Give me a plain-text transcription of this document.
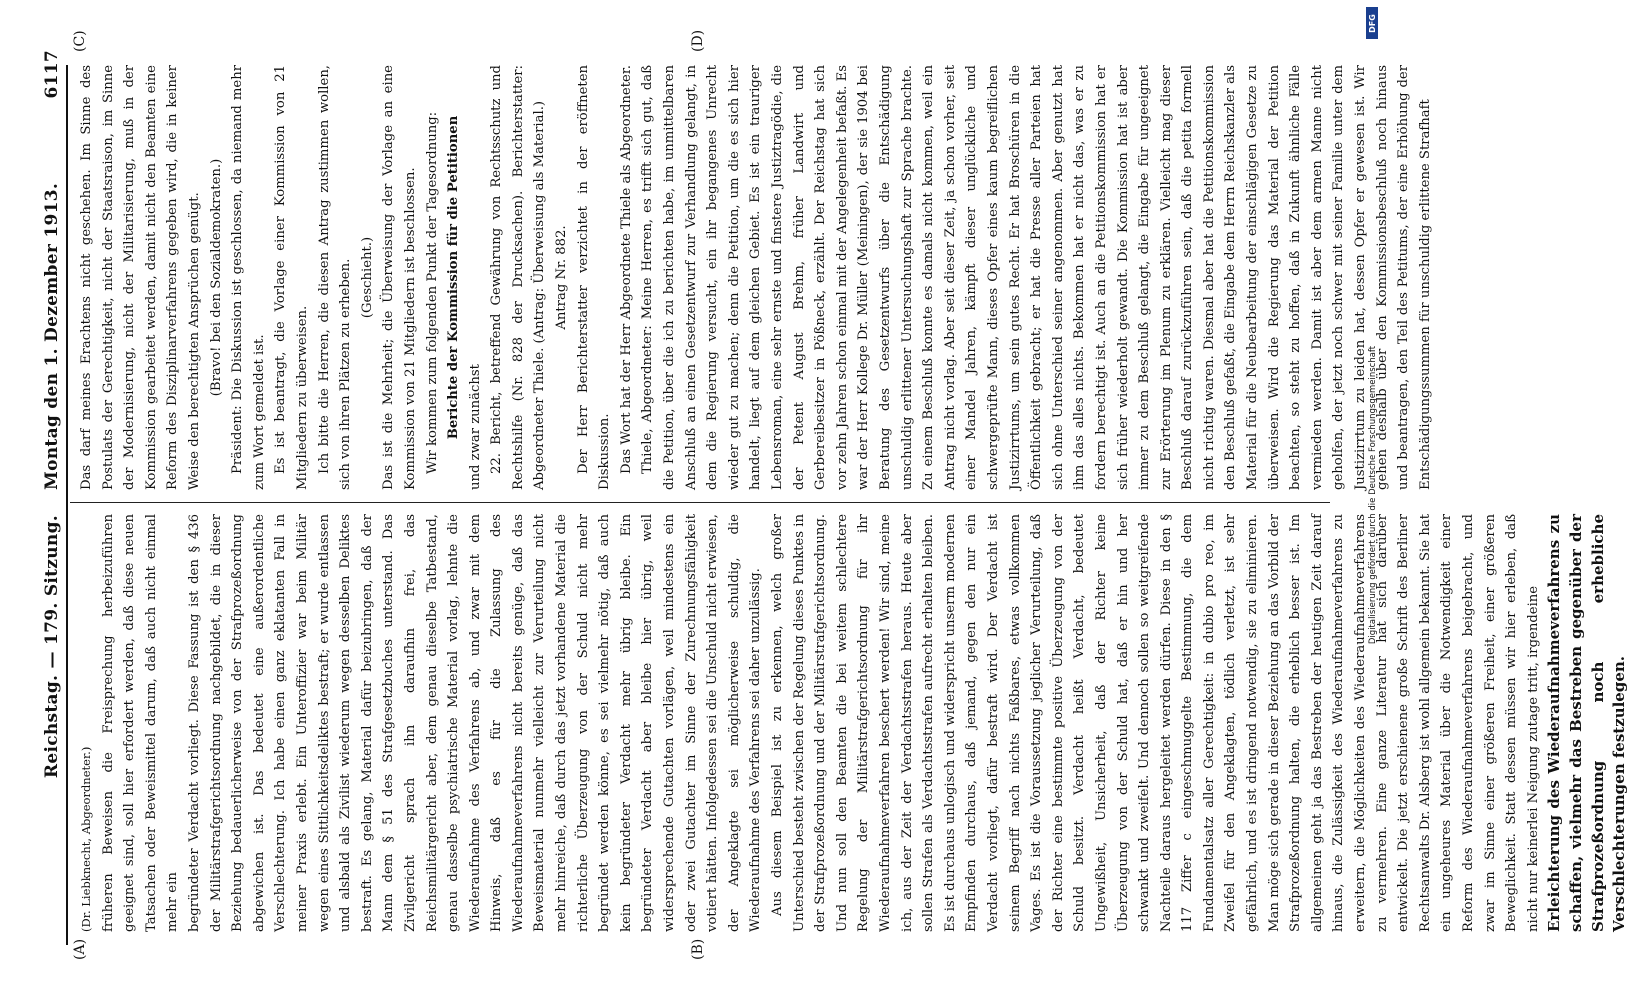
Reichstag. — 179. Sitzung.
Montag den 1. Dezember 1913.
6117
(A)	(B)
(C)	(D)

(Dr. Liebknecht, Abgeordneter.) früheren Beweisen die Freisprechung herbeizuführen geeignet sind, soll hier erfordert werden, daß diese neuen Tatsachen oder Beweismittel darum, daß auch nicht einmal mehr ein begründeter Verdacht vorliegt. Diese Fassung ist den § 436 der Militärstrafgerichtsordnung nachgebildet, die in dieser Beziehung bedauerlicherweise von der Strafprozeßordnung abgewichen ist. Das bedeutet eine außerordentliche Verschlechterung. Ich habe einen ganz eklatanten Fall in meiner Praxis erlebt. Ein Unteroffizier war beim Militär wegen eines Sittlichkeitsdeliktes bestraft; er wurde entlassen und alsbald als Zivilist wiederum wegen desselben Deliktes bestraft. Es gelang, Material dafür beizubringen, daß der Mann dem § 51 des Strafgesetzbuches unterstand. Das Zivilgericht sprach ihn daraufhin frei, das Reichsmilitärgericht aber, dem genau dieselbe Tatbestand, genau dasselbe psychiatrische Material vorlag, lehnte die Wiederaufnahme des Verfahrens ab, und zwar mit dem Hinweis, daß es für die Zulassung des Wiederaufnahmeverfahrens nicht bereits genüge, daß das Beweismaterial nunmehr vielleicht zur Verurteilung nicht mehr hinreiche, daß durch das jetzt vorhandene Material die richterliche Überzeugung von der Schuld nicht mehr begründet werden könne, es sei vielmehr nötig, daß auch kein begründeter Verdacht mehr übrig bleibe. Ein begründeter Verdacht aber bleibe hier übrig, weil widersprechende Gutachten vorlägen, weil mindestens ein oder zwei Gutachter im Sinne der Zurechnungsfähigkeit votiert hätten. Infolgedessen sei die Unschuld nicht erwiesen, der Angeklagte sei möglicherweise schuldig, die Wiederaufnahme des Verfahrens sei daher unzulässig. Aus diesem Beispiel ist zu erkennen, welch großer Unterschied besteht zwischen der Regelung dieses Punktes in der Strafprozeßordnung und der Militärstrafgerichtsordnung. Und nun soll den Beamten die bei weitem schlechtere Regelung der Militärstrafgerichtsordnung für ihr Wiederaufnahmeverfahren beschert werden! Wir sind, meine ich, aus der Zeit der Verdachtsstrafen heraus. Heute aber sollen Strafen als Verdachtsstrafen aufrecht erhalten bleiben. Es ist durchaus unlogisch und widerspricht unserm modernen Empfinden durchaus, daß jemand, gegen den nur ein Verdacht vorliegt, dafür bestraft wird. Der Verdacht ist seinem Begriff nach nichts Faßbares, etwas vollkommen Vages. Es ist die Voraussetzung jeglicher Verurteilung, daß der Richter eine bestimmte positive Überzeugung von der Schuld besitzt. Verdacht heißt Verdacht, bedeutet Ungewißheit, Unsicherheit, daß der Richter keine Überzeugung von der Schuld hat, daß er hin und her schwankt und zweifelt. Und dennoch sollen so weitgreifende Nachteile daraus hergeleitet werden dürfen. Diese in den § 117 Ziffer c eingeschmuggelte Bestimmung, die dem Fundamentalsatz aller Gerechtigkeit: in dubio pro reo, im Zweifel für den Angeklagten, tödlich verletzt, ist sehr gefährlich, und es ist dringend notwendig, sie zu eliminieren. Man möge sich gerade in dieser Beziehung an das Vorbild der Strafprozeßordnung halten, die erheblich besser ist. Im allgemeinen geht ja das Bestreben der heutigen Zeit darauf hinaus, die Zulässigkeit des Wiederaufnahmeverfahrens zu erweitern, die Möglichkeiten des Wiederaufnahmeverfahrens zu vermehren. Eine ganze Literatur hat sich darüber entwickelt. Die jetzt erschienene große Schrift des Berliner Rechtsanwalts Dr. Alsberg ist wohl allgemein bekannt. Sie hat ein ungeheures Material über die Notwendigkeit einer Reform des Wiederaufnahmeverfahrens beigebracht, und zwar im Sinne einer größeren Freiheit, einer größeren Beweglichkeit. Statt dessen müssen wir hier erleben, daß nicht nur keinerlei Neigung zutage tritt, irgendeine Erleichterung des Wiederaufnahmeverfahrens zu schaffen, vielmehr das Bestreben gegenüber der Strafprozeßordnung noch erhebliche Verschlechterungen festzulegen.

Das darf meines Erachtens nicht geschehen. Im Sinne des Postulats der Gerechtigkeit, nicht der Staatsraison, im Sinne der Modernisierung, nicht der Militarisierung, muß in der Kommission gearbeitet werden, damit nicht den Beamten eine Reform des Disziplinarverfahrens gegeben wird, die in keiner Weise den berechtigten Ansprüchen genügt. (Bravo! bei den Sozialdemokraten.) Präsident: Die Diskussion ist geschlossen, da niemand mehr zum Wort gemeldet ist. Es ist beantragt, die Vorlage einer Kommission von 21 Mitgliedern zu überweisen. Ich bitte die Herren, die diesen Antrag zustimmen wollen, sich von ihren Plätzen zu erheben. (Geschieht.) Das ist die Mehrheit; die Überweisung der Vorlage an eine Kommission von 21 Mitgliedern ist beschlossen. Wir kommen zum folgenden Punkt der Tagesordnung: Berichte der Kommission für die Petitionen und zwar zunächst 22. Bericht, betreffend Gewährung von Rechtsschutz und Rechtshilfe (Nr. 828 der Drucksachen). Berichterstatter: Abgeordneter Thiele. (Antrag: Überweisung als Material.) Antrag Nr. 882. Der Herr Berichterstatter verzichtet in der eröffneten Diskussion. Das Wort hat der Herr Abgeordnete Thiele als Abgeordneter. Thiele, Abgeordneter: Meine Herren, es trifft sich gut, daß die Petition, über die ich zu berichten habe, im unmittelbaren Anschluß an einen Gesetzentwurf zur Verhandlung gelangt, in dem die Regierung versucht, ein ihr begangenes Unrecht wieder gut zu machen; denn die Petition, um die es sich hier handelt, liegt auf dem gleichen Gebiet. Es ist ein trauriger Lebensroman, eine sehr ernste und finstere Justiztragödie, die der Petent August Brehm, früher Landwirt und Gerbereibesitzer in Pößneck, erzählt. Der Reichstag hat sich vor zehn Jahren schon einmal mit der Angelegenheit befaßt. Es war der Herr Kollege Dr. Müller (Meiningen), der sie 1904 bei Beratung des Gesetzentwurfs über die Entschädigung unschuldig erlittener Untersuchungshaft zur Sprache brachte. Zu einem Beschluß konnte es damals nicht kommen, weil ein Antrag nicht vorlag. Aber seit dieser Zeit, ja schon vorher, seit einer Mandel Jahren, kämpft dieser unglückliche und schwergeprüfte Mann, dieses Opfer eines kaum begreiflichen Justizirrtums, um sein gutes Recht. Er hat Broschüren in die Öffentlichkeit gebracht; er hat die Presse aller Parteien hat sich ohne Unterschied seiner angenommen. Aber genutzt hat ihm das alles nichts. Bekommen hat er nicht das, was er zu fordern berechtigt ist. Auch an die Petitionskommission hat er sich früher wiederholt gewandt. Die Kommission hat ist aber immer zu dem Beschluß gelangt, die Eingabe für ungeeignet zur Erörterung im Plenum zu erklären. Vielleicht mag dieser Beschluß darauf zurückzuführen sein, daß die petita formell nicht richtig waren. Diesmal aber hat die Petitionskommission den Beschluß gefaßt, die Eingabe dem Herrn Reichskanzler als Material für die Neubearbeitung der einschlägigen Gesetze zu überweisen. Wird die Regierung das Material der Petition beachten, so steht zu hoffen, daß in Zukunft ähnliche Fälle vermieden werden. Damit ist aber dem armen Manne nicht geholfen, der jetzt noch schwer mit seiner Familie unter dem Justizirrtum zu leiden hat, dessen Opfer er gewesen ist. Wir gehen deshalb über den Kommissionsbeschluß noch hinaus und beantragen, den Teil des Petitums, der eine Erhöhung der Entschädigungssummen für unschuldig erlittene Strafhaft

DFG
Digitalisierung gefördert durch die Deutsche Forschungsgemeinschaft
